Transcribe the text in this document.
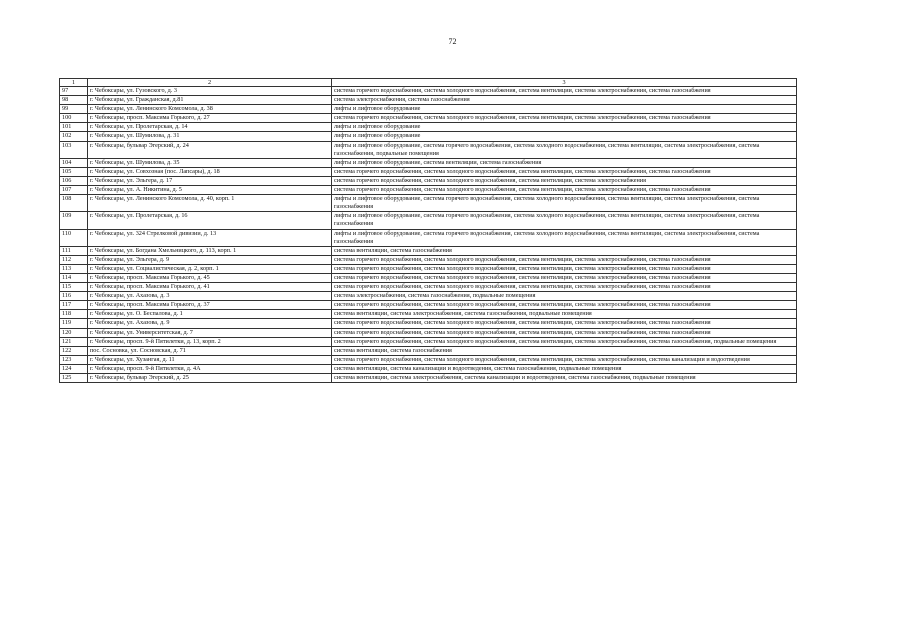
72
1	2	3
97	г. Чебоксары, ул. Гузовского, д. 3	система горячего водоснабжения, система холодного водоснабжения, система вентиляции, система электроснабжения, система газоснабжения
98	г. Чебоксары, ул. Гражданская, д.81	система электроснабжения, система газоснабжения
99	г. Чебоксары, ул. Ленинского Комсомола, д. 38	лифты и лифтовое оборудование
100	г. Чебоксары, просп. Максима Горького, д. 27	система горячего водоснабжения, система холодного водоснабжения, система вентиляции, система электроснабжения, система газоснабжения
101	г. Чебоксары, ул. Пролетарская, д. 14	лифты и лифтовое оборудование
102	г. Чебоксары, ул. Шумилова, д. 31	лифты и лифтовое оборудование
103	г. Чебоксары, бульвар Эгерский, д. 24	лифты и лифтовое оборудование, система горячего водоснабжения, система холодного водоснабжения, система вентиляции, система электроснабжения, система газоснабжения, подвальные помещения
104	г. Чебоксары, ул. Шумилова, д. 35	лифты и лифтовое оборудование, система вентиляции, система газоснабжения
105	г. Чебоксары, ул. Совхозная (пос. Лапсары), д. 18	система горячего водоснабжения, система холодного водоснабжения, система вентиляции, система электроснабжения, система газоснабжения
106	г. Чебоксары, ул. Эльгера, д. 17	система горячего водоснабжения, система холодного водоснабжения, система вентиляции, система электроснабжения
107	г. Чебоксары, ул. А. Никитина, д. 5	система горячего водоснабжения, система холодного водоснабжения, система вентиляции, система электроснабжения, система газоснабжения
108	г. Чебоксары, ул. Ленинского Комсомола, д. 40, корп. 1	лифты и лифтовое оборудование, система горячего водоснабжения, система холодного водоснабжения, система вентиляции, система электроснабжения, система газоснабжения
109	г. Чебоксары, ул. Пролетарская, д. 16	лифты и лифтовое оборудование, система горячего водоснабжения, система холодного водоснабжения, система вентиляции, система электроснабжения, система газоснабжения
110	г. Чебоксары, ул. 324 Стрелковой дивизии, д. 13	лифты и лифтовое оборудование, система горячего водоснабжения, система холодного водоснабжения, система вентиляции, система электроснабжения, система газоснабжения
111	г. Чебоксары, ул. Богдана Хмельницкого, д. 113, корп. 1	система вентиляции, система газоснабжения
112	г. Чебоксары, ул. Эльгера, д. 9	система горячего водоснабжения, система холодного водоснабжения, система вентиляции, система электроснабжения, система газоснабжения
113	г. Чебоксары, ул. Социалистическая, д. 2, корп. 1	система горячего водоснабжения, система холодного водоснабжения, система вентиляции, система электроснабжения, система газоснабжения
114	г. Чебоксары, просп. Максима Горького, д. 45	система горячего водоснабжения, система холодного водоснабжения, система вентиляции, система электроснабжения, система газоснабжения
115	г. Чебоксары, просп. Максима Горького, д. 41	система горячего водоснабжения, система холодного водоснабжения, система вентиляции, система электроснабжения, система газоснабжения
116	г. Чебоксары, ул. Ахазова, д. 3	система электроснабжения, система газоснабжения, подвальные помещения
117	г. Чебоксары, просп. Максима Горького, д. 37	система горячего водоснабжения, система холодного водоснабжения, система вентиляции, система электроснабжения, система газоснабжения
118	г. Чебоксары, ул. О. Беспалова, д. 1	система вентиляции, система электроснабжения, система газоснабжения, подвальные помещения
119	г. Чебоксары, ул. Ахазова, д. 9	система горячего водоснабжения, система холодного водоснабжения, система вентиляции, система электроснабжения, система газоснабжения
120	г. Чебоксары, ул. Университетская, д. 7	система горячего водоснабжения, система холодного водоснабжения, система вентиляции, система электроснабжения, система газоснабжения
121	г. Чебоксары, просп. 9-й Пятилетки, д. 13, корп. 2	система горячего водоснабжения, система холодного водоснабжения, система вентиляции, система электроснабжения, система газоснабжения, подвальные помещения
122	пос. Сосновка, ул. Сосновская, д. 71	система вентиляции, система газоснабжения
123	г. Чебоксары, ул. Хузангая, д. 11	система горячего водоснабжения, система холодного водоснабжения, система вентиляции, система электроснабжения, система канализации и водоотведения
124	г. Чебоксары, просп. 9-й Пятилетки, д. 4А	система вентиляции, система канализации и водоотведения, система газоснабжения, подвальные помещения
125	г. Чебоксары, бульвар Эгерский, д. 25	система вентиляции, система электроснабжения, система канализации и водоотведения, система газоснабжения, подвальные помещения
